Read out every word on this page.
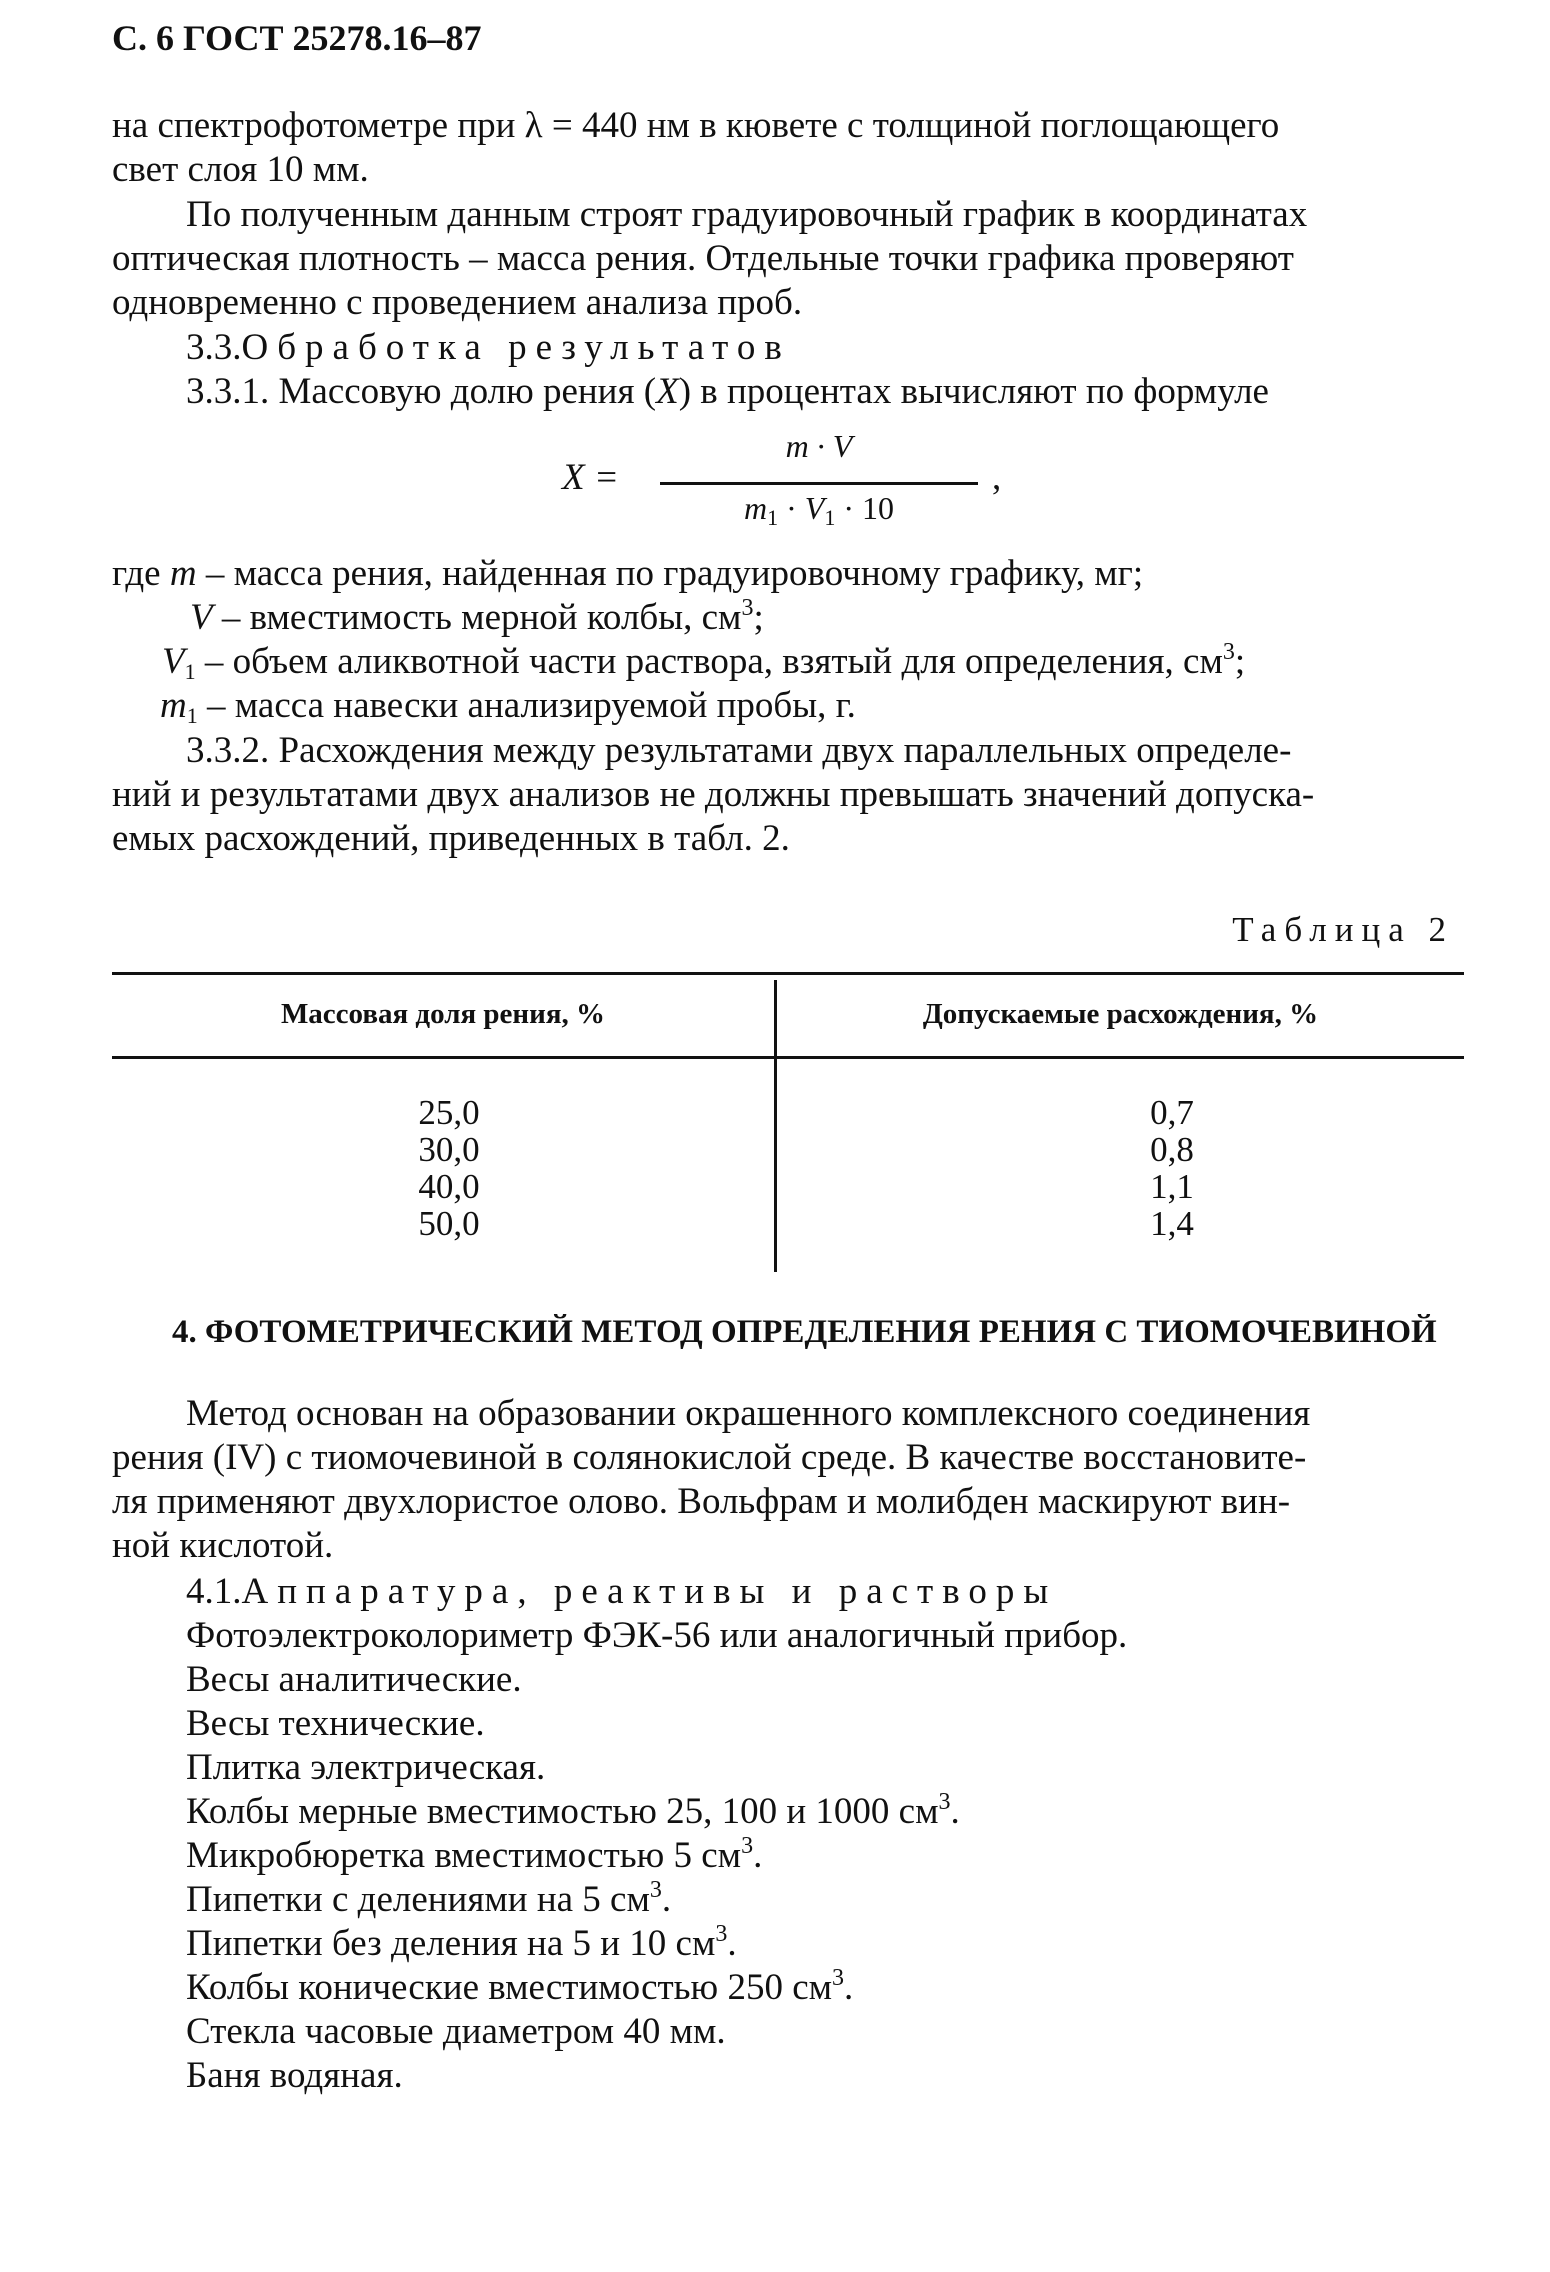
С. 6 ГОСТ 25278.16–87
на спектрофотометре при λ = 440 нм в кювете с толщиной поглощающего
свет слоя 10 мм.
По полученным данным строят градуировочный график в координатах
оптическая плотность – масса рения. Отдельные точки графика проверяют
одновременно с проведением анализа проб.
3.3.Обработка результатов
3.3.1. Массовую долю рения (X) в процентах вычисляют по формуле
X =
m · V
$m_1 \cdot V_1 \cdot 10$
,
где m – масса рения, найденная по градуировочному графику, мг;
V – вместимость мерной колбы, $см^3$;
$V_1$ – объем аликвотной части раствора, взятый для определения, $см^3$;
$m_1$ – масса навески анализируемой пробы, г.
3.3.2. Расхождения между результатами двух параллельных определе-
ний и результатами двух анализов не должны превышать значений допуска-
емых расхождений, приведенных в табл. 2.
Таблица 2
Массовая доля рения, %	Допускаемые расхождения, %
25,0
30,0
40,0
50,0
0,7
0,8
1,1
1,4
4. ФОТОМЕТРИЧЕСКИЙ МЕТОД ОПРЕДЕЛЕНИЯ РЕНИЯ С ТИОМОЧЕВИНОЙ
Метод основан на образовании окрашенного комплексного соединения
рения (IV) с тиомочевиной в солянокислой среде. В качестве восстановите-
ля применяют двухлористое олово. Вольфрам и молибден маскируют вин-
ной кислотой.
4.1.Аппаратура, реактивы и растворы
Фотоэлектроколориметр ФЭК-56 или аналогичный прибор.
Весы аналитические.
Весы технические.
Плитка электрическая.
Колбы мерные вместимостью 25, 100 и 1000 $см^3$.
Микробюретка вместимостью 5 $см^3$.
Пипетки с делениями на 5 $см^3$.
Пипетки без деления на 5 и 10 $см^3$.
Колбы конические вместимостью 250 $см^3$.
Стекла часовые диаметром 40 мм.
Баня водяная.
